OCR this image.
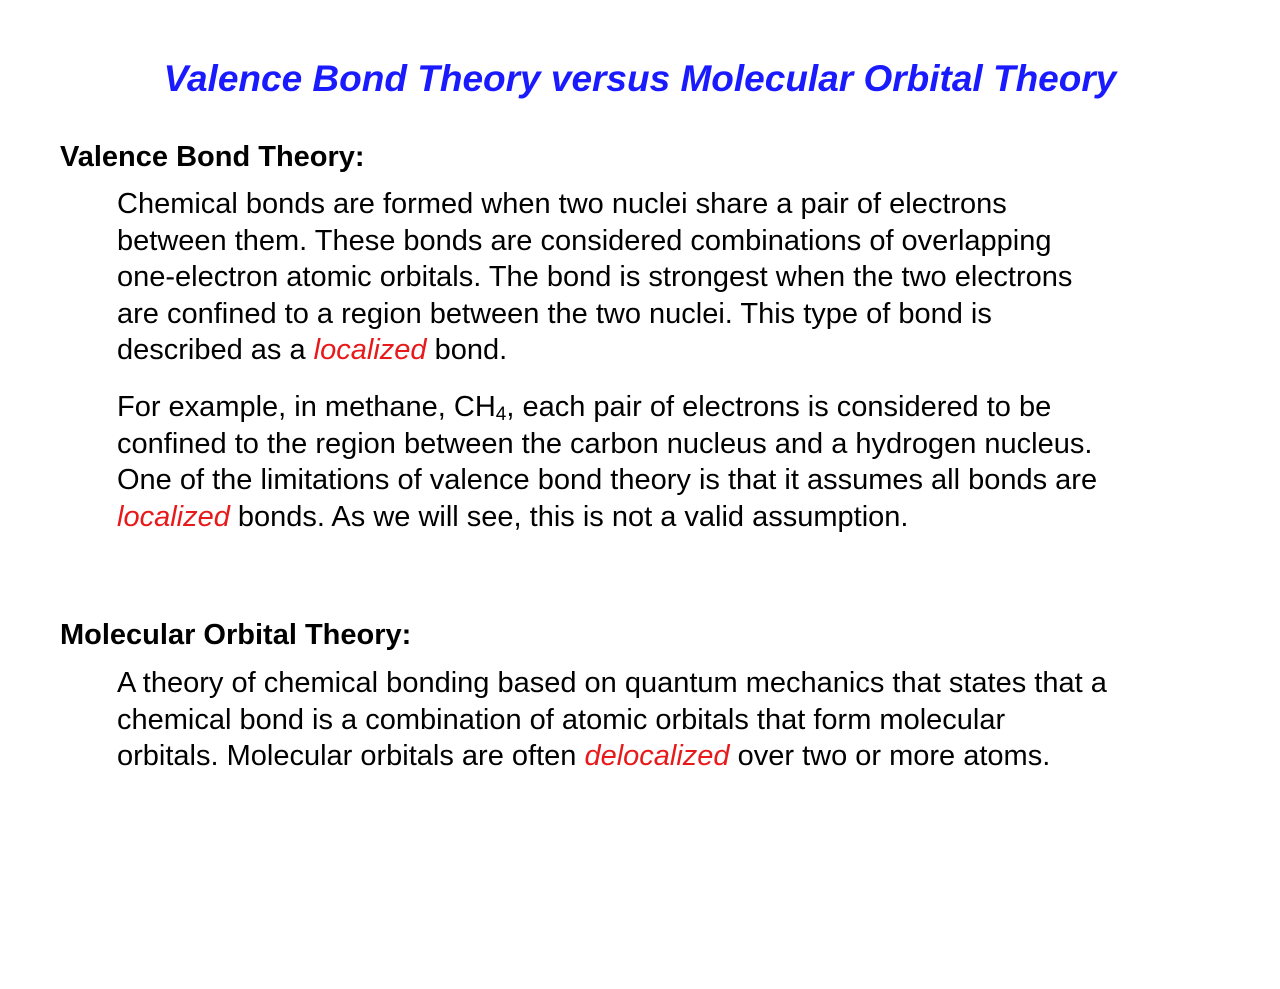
Valence Bond Theory versus Molecular Orbital Theory
Valence Bond Theory:

Chemical bonds are formed when two nuclei share a pair of electrons
between them. These bonds are considered combinations of overlapping
one-electron atomic orbitals. The bond is strongest when the two electrons
are confined to a region between the two nuclei. This type of bond is
described as a localized bond.

For example, in methane, $CH_4$, each pair of electrons is considered to be
confined to the region between the carbon nucleus and a hydrogen nucleus.
One of the limitations of valence bond theory is that it assumes all bonds are
localized bonds. As we will see, this is not a valid assumption.

Molecular Orbital Theory:

A theory of chemical bonding based on quantum mechanics that states that a
chemical bond is a combination of atomic orbitals that form molecular
orbitals. Molecular orbitals are often delocalized over two or more atoms.
